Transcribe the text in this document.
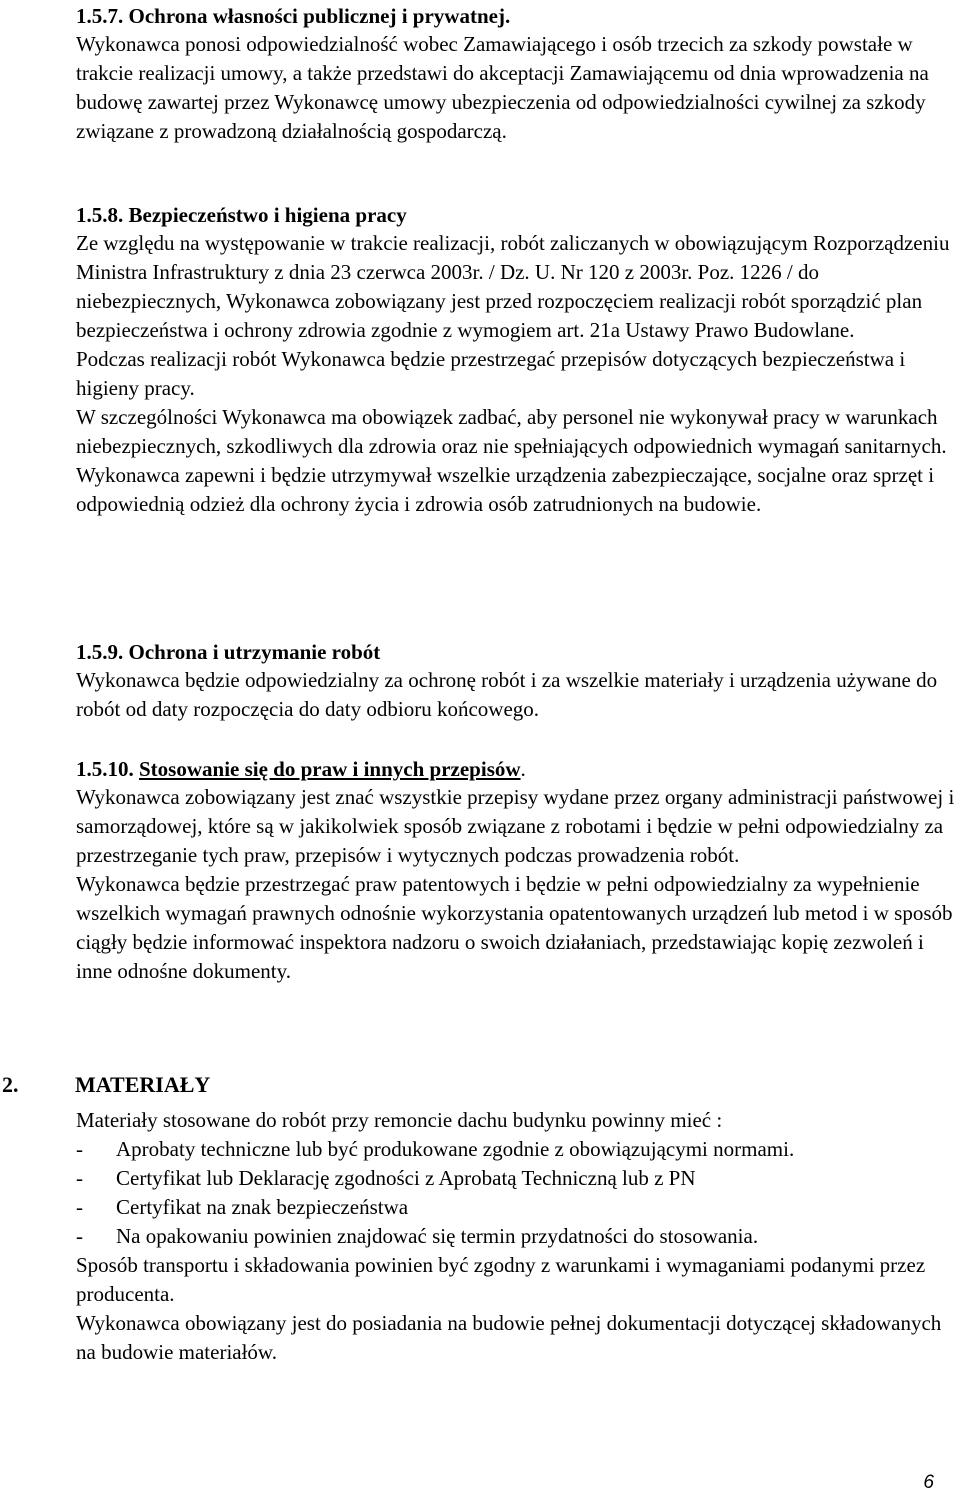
1.5.7. Ochrona własności publicznej i prywatnej.

Wykonawca ponosi odpowiedzialność wobec Zamawiającego i osób trzecich za szkody powstałe w trakcie realizacji umowy, a także przedstawi do akceptacji Zamawiającemu od dnia wprowadzenia na budowę zawartej przez Wykonawcę umowy ubezpieczenia od odpowiedzialności cywilnej za szkody związane z prowadzoną działalnością gospodarczą.

1.5.8. Bezpieczeństwo i higiena pracy

Ze względu na występowanie w trakcie realizacji, robót zaliczanych w obowiązującym Rozporządzeniu Ministra Infrastruktury z dnia 23 czerwca 2003r. / Dz. U. Nr 120 z 2003r. Poz. 1226 / do niebezpiecznych, Wykonawca zobowiązany jest przed rozpoczęciem realizacji robót sporządzić plan bezpieczeństwa i ochrony zdrowia zgodnie z wymogiem art. 21a Ustawy Prawo Budowlane.

Podczas realizacji robót Wykonawca będzie przestrzegać przepisów dotyczących bezpieczeństwa i higieny pracy.

W szczególności Wykonawca ma obowiązek zadbać, aby personel nie wykonywał pracy w warunkach niebezpiecznych, szkodliwych dla zdrowia oraz nie spełniających odpowiednich wymagań sanitarnych.

Wykonawca zapewni i będzie utrzymywał wszelkie urządzenia zabezpieczające, socjalne oraz sprzęt i odpowiednią odzież dla ochrony życia i zdrowia osób zatrudnionych na budowie.

1.5.9. Ochrona i utrzymanie robót

Wykonawca będzie odpowiedzialny za ochronę robót i za wszelkie materiały i urządzenia używane do robót od daty rozpoczęcia do daty odbioru końcowego.

1.5.10. Stosowanie się do praw i innych przepisów.

Wykonawca zobowiązany jest znać wszystkie przepisy wydane przez organy administracji państwowej i samorządowej, które są w jakikolwiek sposób związane z robotami i będzie w pełni odpowiedzialny za przestrzeganie tych praw, przepisów i wytycznych podczas prowadzenia robót.

Wykonawca będzie przestrzegać praw patentowych i będzie w pełni odpowiedzialny za wypełnienie wszelkich wymagań prawnych odnośnie wykorzystania opatentowanych urządzeń lub metod i w sposób ciągły będzie informować inspektora nadzoru o swoich działaniach, przedstawiając kopię zezwoleń i inne odnośne dokumenty.

2.	MATERIAŁY

Materiały stosowane do robót przy remoncie dachu budynku powinny mieć :

-	Aprobaty techniczne lub być produkowane zgodnie z obowiązującymi normami.
-	Certyfikat lub Deklarację zgodności z Aprobatą Techniczną lub z PN
-	Certyfikat na znak bezpieczeństwa
-	Na opakowaniu powinien znajdować się termin przydatności do stosowania.

Sposób transportu i składowania powinien być zgodny z warunkami i wymaganiami podanymi przez producenta.

Wykonawca obowiązany jest do posiadania na budowie pełnej dokumentacji dotyczącej składowanych na budowie materiałów.

6
